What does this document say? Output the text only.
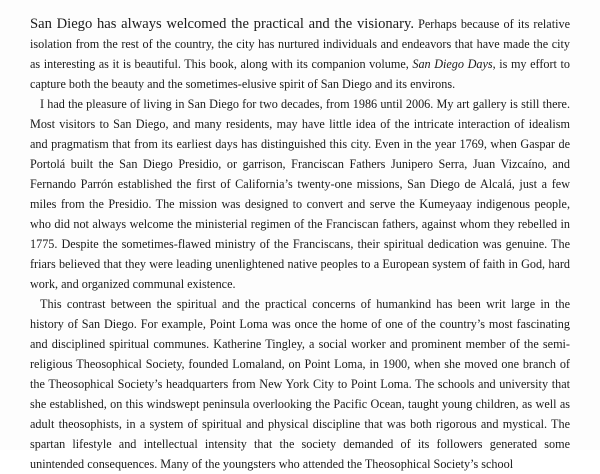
San Diego has always welcomed the practical and the visionary. Perhaps because of its relative isolation from the rest of the country, the city has nurtured individuals and endeavors that have made the city as interesting as it is beautiful. This book, along with its companion volume, San Diego Days, is my effort to capture both the beauty and the sometimes-elusive spirit of San Diego and its environs.

I had the pleasure of living in San Diego for two decades, from 1986 until 2006. My art gallery is still there. Most visitors to San Diego, and many residents, may have little idea of the intricate interaction of idealism and pragmatism that from its earliest days has distinguished this city. Even in the year 1769, when Gaspar de Portolá built the San Diego Presidio, or garrison, Franciscan Fathers Junipero Serra, Juan Vizcaíno, and Fernando Parrón established the first of California’s twenty-one missions, San Diego de Alcalá, just a few miles from the Presidio. The mission was designed to convert and serve the Kumeyaay indigenous people, who did not always welcome the ministerial regimen of the Franciscan fathers, against whom they rebelled in 1775. Despite the sometimes-flawed ministry of the Franciscans, their spiritual dedication was genuine. The friars believed that they were leading unenlightened native peoples to a European system of faith in God, hard work, and organized communal existence.

This contrast between the spiritual and the practical concerns of humankind has been writ large in the history of San Diego. For example, Point Loma was once the home of one of the country’s most fascinating and disciplined spiritual communes. Katherine Tingley, a social worker and prominent member of the semi-religious Theosophical Society, founded Lomaland, on Point Loma, in 1900, when she moved one branch of the Theosophical Society’s headquarters from New York City to Point Loma. The schools and university that she established, on this windswept peninsula overlooking the Pacific Ocean, taught young children, as well as adult theosophists, in a system of spiritual and physical discipline that was both rigorous and mystical. The spartan lifestyle and intellectual intensity that the society demanded of its followers generated some unintended consequences. Many of the youngsters who attended the Theosophical Society’s school
